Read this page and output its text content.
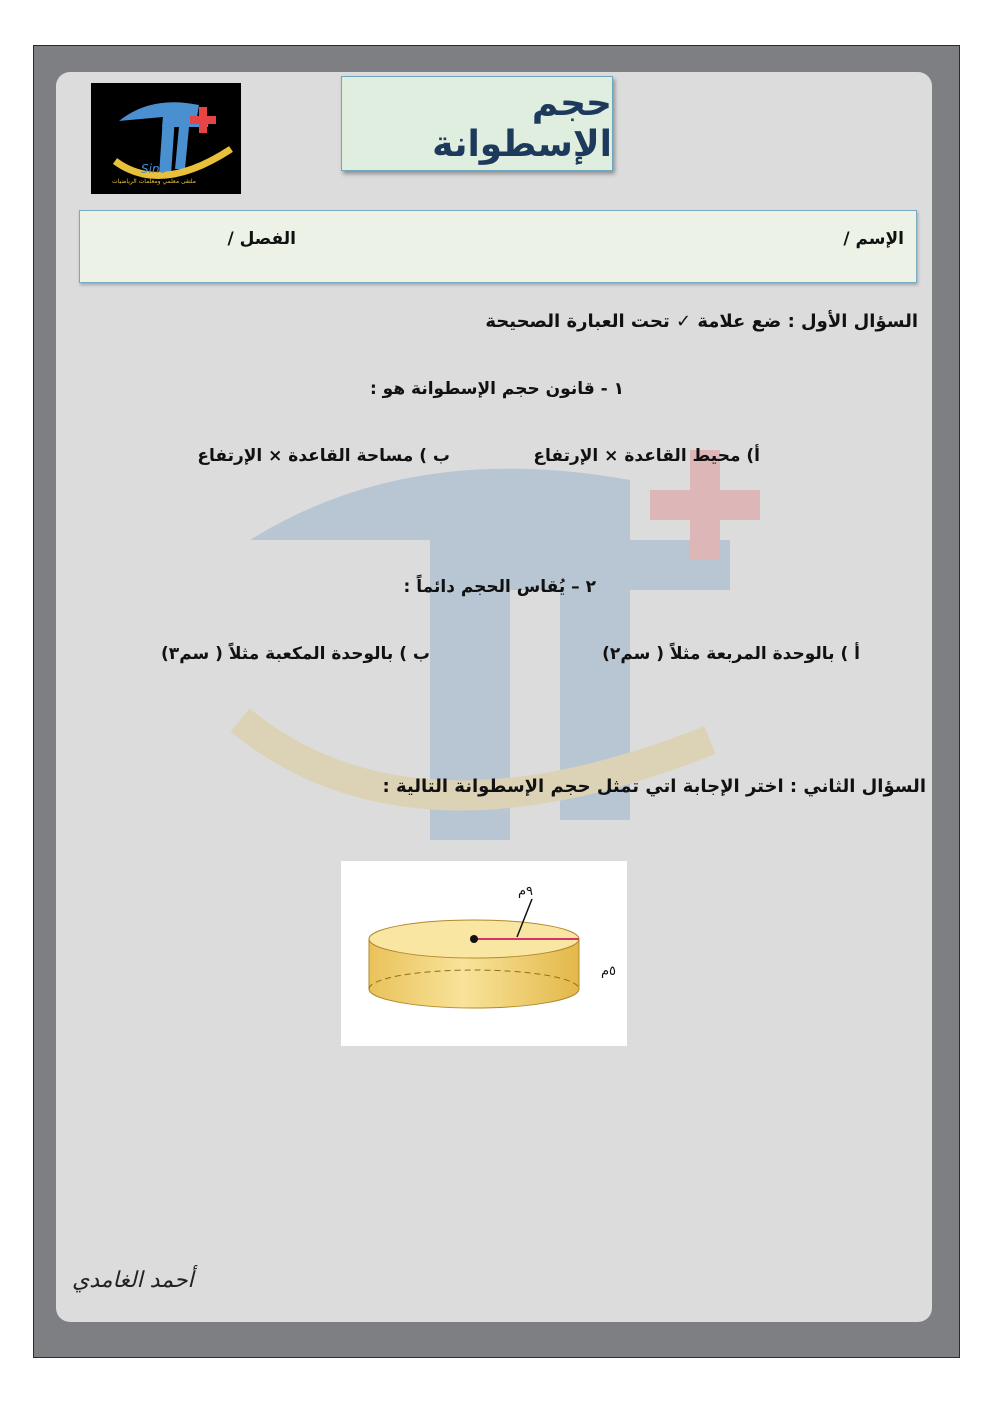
Sin0
ملتقى معلمي ومعلمات الرياضيات
حجم الإسطوانة
الإسم /
الفصل /
السؤال الأول : ضع علامة ✓ تحت العبارة الصحيحة
١ - قانون حجم الإسطوانة هو :
أ) محيط القاعدة × الإرتفاع
ب ) مساحة القاعدة × الإرتفاع
٢ – يُقاس الحجم دائماً :
أ ) بالوحدة المربعة مثلاً ( سم٢)
ب ) بالوحدة المكعبة مثلاً ( سم٣)
السؤال الثاني : اختر الإجابة اتي تمثل حجم الإسطوانة التالية :
٩م
٥م
أحمد الغامدي
